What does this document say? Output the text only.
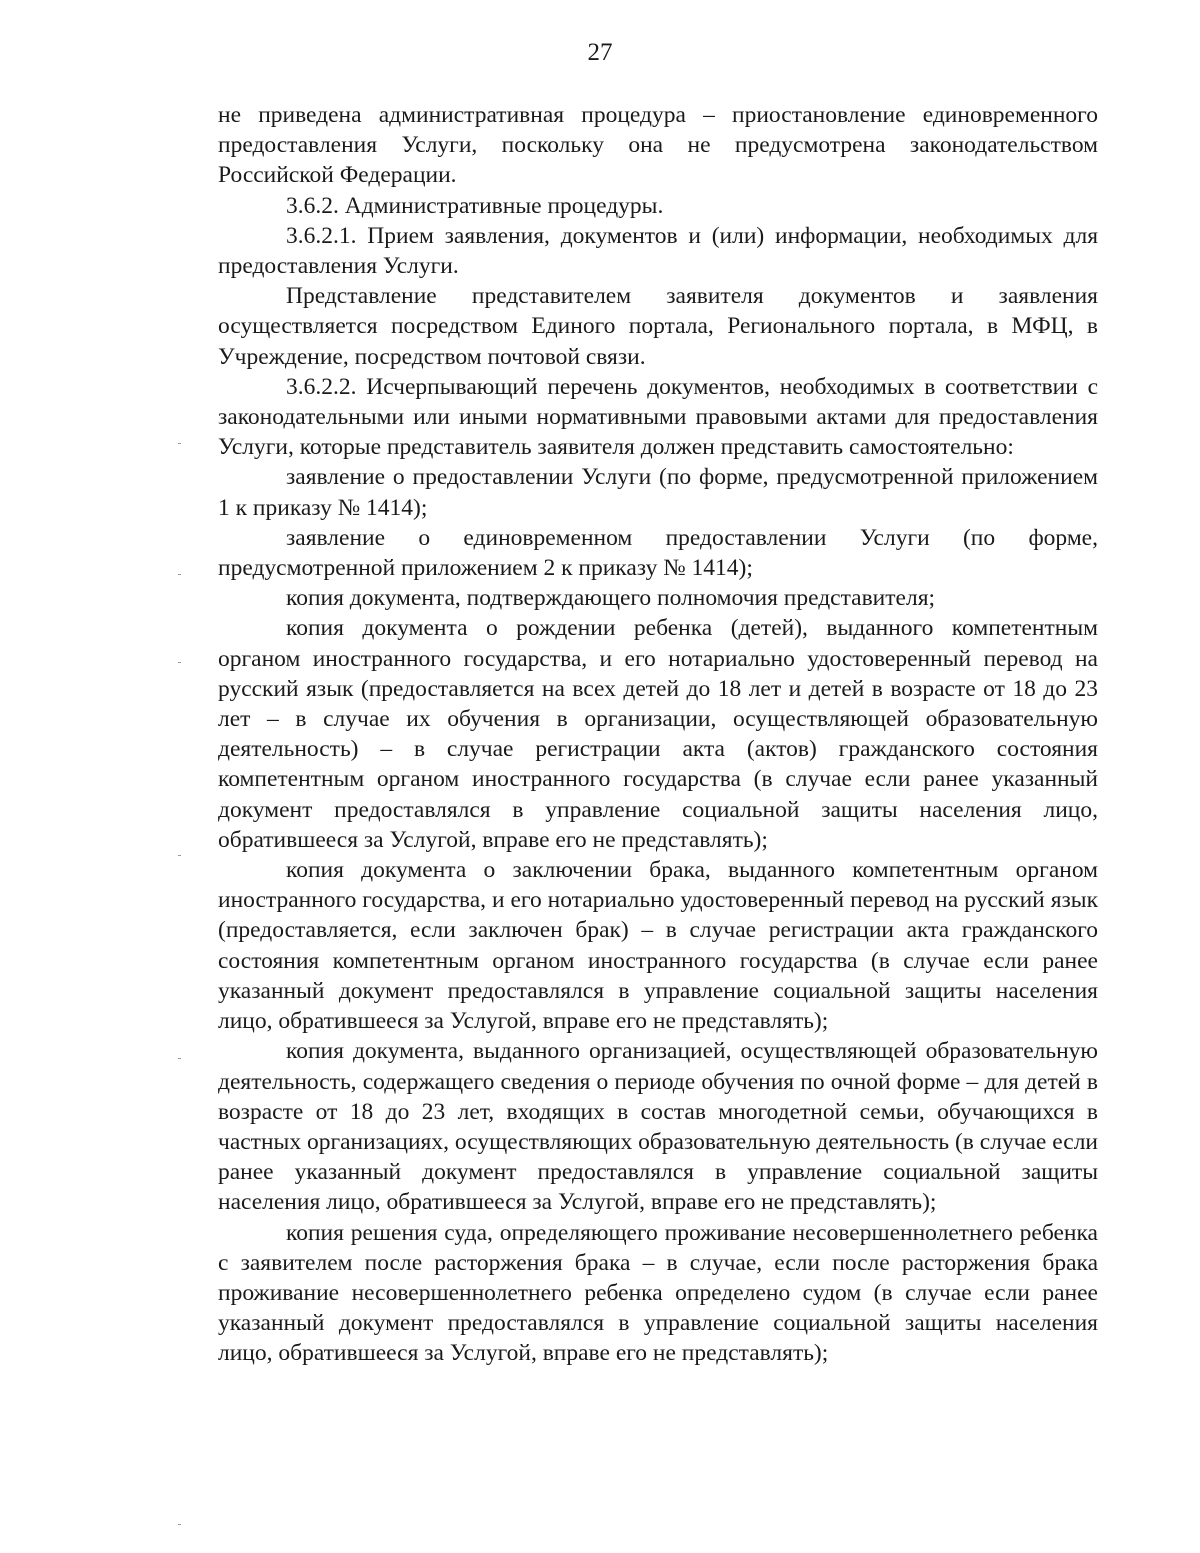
27

не приведена административная процедура – приостановление единовременного предоставления Услуги, поскольку она не предусмотрена законодательством Российской Федерации.

3.6.2. Административные процедуры.

3.6.2.1. Прием заявления, документов и (или) информации, необходимых для предоставления Услуги.

Представление представителем заявителя документов и заявления осуществляется посредством Единого портала, Регионального портала, в МФЦ, в Учреждение, посредством почтовой связи.

3.6.2.2. Исчерпывающий перечень документов, необходимых в соответствии с законодательными или иными нормативными правовыми актами для предоставления Услуги, которые представитель заявителя должен представить самостоятельно:

заявление о предоставлении Услуги (по форме, предусмотренной приложением 1 к приказу № 1414);

заявление о единовременном предоставлении Услуги (по форме, предусмотренной приложением 2 к приказу № 1414);

копия документа, подтверждающего полномочия представителя;

копия документа о рождении ребенка (детей), выданного компетентным органом иностранного государства, и его нотариально удостоверенный перевод на русский язык (предоставляется на всех детей до 18 лет и детей в возрасте от 18 до 23 лет – в случае их обучения в организации, осуществляющей образовательную деятельность) – в случае регистрации акта (актов) гражданского состояния компетентным органом иностранного государства (в случае если ранее указанный документ предоставлялся в управление социальной защиты населения лицо, обратившееся за Услугой, вправе его не представлять);

копия документа о заключении брака, выданного компетентным органом иностранного государства, и его нотариально удостоверенный перевод на русский язык (предоставляется, если заключен брак) – в случае регистрации акта гражданского состояния компетентным органом иностранного государства (в случае если ранее указанный документ предоставлялся в управление социальной защиты населения лицо, обратившееся за Услугой, вправе его не представлять);

копия документа, выданного организацией, осуществляющей образовательную деятельность, содержащего сведения о периоде обучения по очной форме – для детей в возрасте от 18 до 23 лет, входящих в состав многодетной семьи, обучающихся в частных организациях, осуществляющих образовательную деятельность (в случае если ранее указанный документ предоставлялся в управление социальной защиты населения лицо, обратившееся за Услугой, вправе его не представлять);

копия решения суда, определяющего проживание несовершеннолетнего ребенка с заявителем после расторжения брака – в случае, если после расторжения брака проживание несовершеннолетнего ребенка определено судом (в случае если ранее указанный документ предоставлялся в управление социальной защиты населения лицо, обратившееся за Услугой, вправе его не представлять);
